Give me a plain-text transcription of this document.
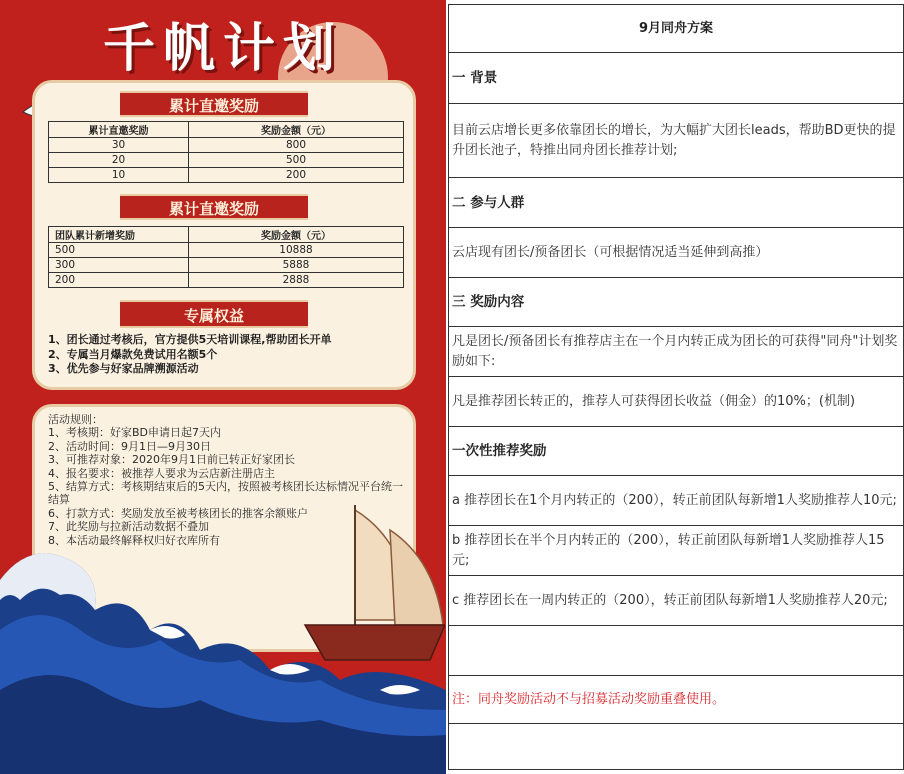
千帆计划
累计直邀奖励
累计直邀奖励	奖励金额（元）
30	800
20	500
10	200
累计直邀奖励
团队累计新增奖励	奖励金额（元）
500	10888
300	5888
200	2888
专属权益
1、团长通过考核后，官方提供5天培训课程,帮助团长开单
2、专属当月爆款免费试用名额5个
3、优先参与好家品牌溯源活动
活动规则：
1、考核期：好家BD申请日起7天内
2、活动时间：9月1日—9月30日
3、可推荐对象：2020年9月1日前已转正好家团长
4、报名要求：被推荐人要求为云店新注册店主
5、结算方式：考核期结束后的5天内，按照被考核团长达标情况平台统一结算
6、打款方式：奖励发放至被考核团长的推客余额账户
7、此奖励与拉新活动数据不叠加
8、本活动最终解释权归好衣库所有
9月同舟方案
一 背景
目前云店增长更多依靠团长的增长，为大幅扩大团长leads，帮助BD更快的提升团长池子，特推出同舟团长推荐计划;
二 参与人群
云店现有团长/预备团长（可根据情况适当延伸到高推）
三 奖励内容
凡是团长/预备团长有推荐店主在一个月内转正成为团长的可获得"同舟"计划奖励如下:
凡是推荐团长转正的，推荐人可获得团长收益（佣金）的10%；(机制)
一次性推荐奖励
a 推荐团长在1个月内转正的（200），转正前团队每新增1人奖励推荐人10元;
b 推荐团长在半个月内转正的（200），转正前团队每新增1人奖励推荐人15元;
c 推荐团长在一周内转正的（200），转正前团队每新增1人奖励推荐人20元;
注：同舟奖励活动不与招募活动奖励重叠使用。
